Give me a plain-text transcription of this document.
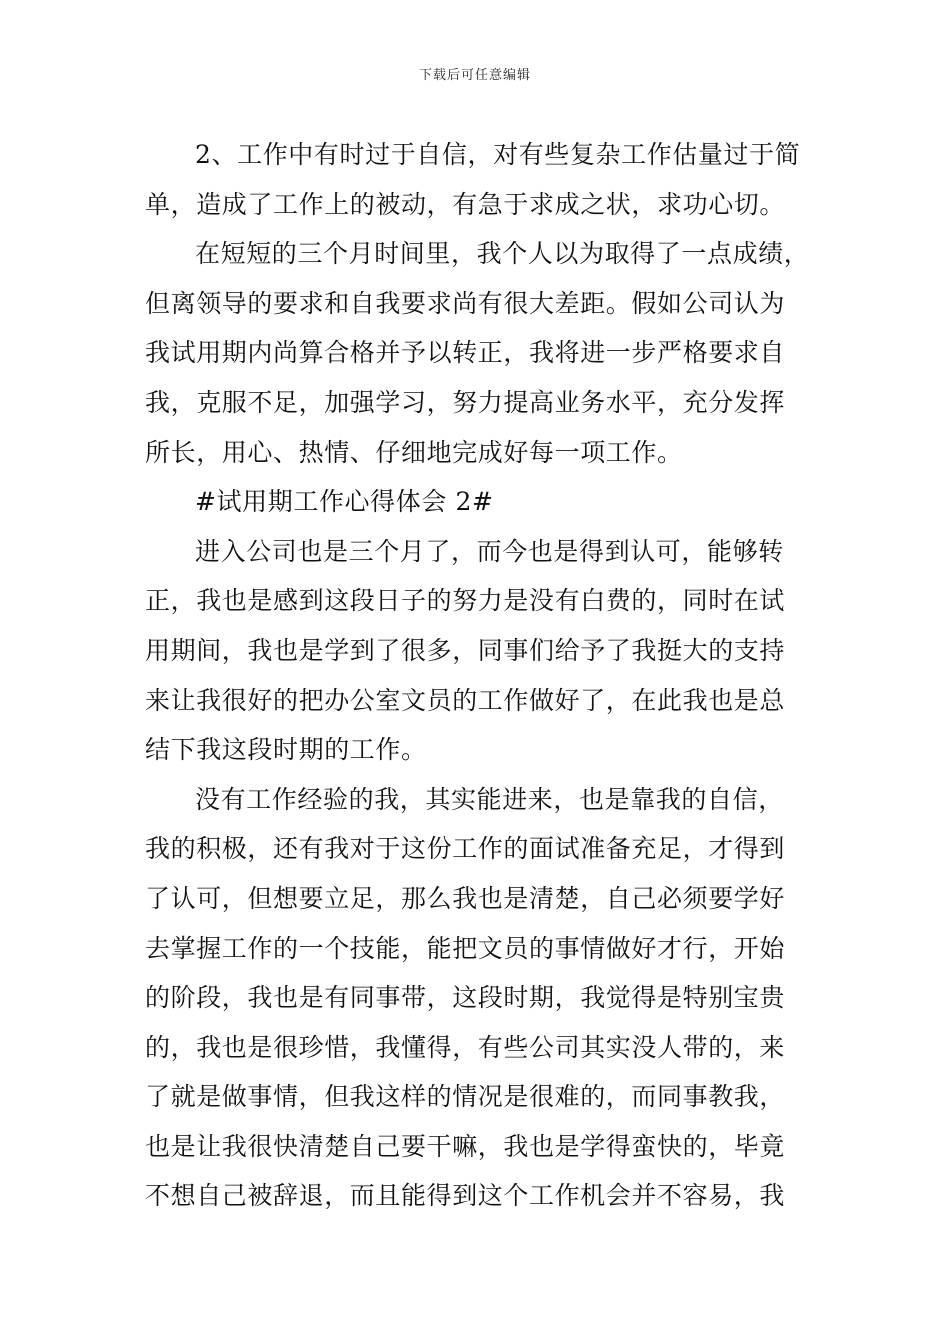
下载后可任意编辑
2、工作中有时过于自信，对有些复杂工作估量过于简
单，造成了工作上的被动，有急于求成之状，求功心切。
在短短的三个月时间里，我个人以为取得了一点成绩，
但离领导的要求和自我要求尚有很大差距。假如公司认为
我试用期内尚算合格并予以转正，我将进一步严格要求自
我，克服不足，加强学习，努力提高业务水平，充分发挥
所长，用心、热情、仔细地完成好每一项工作。
#试用期工作心得体会 2#
进入公司也是三个月了，而今也是得到认可，能够转
正，我也是感到这段日子的努力是没有白费的，同时在试
用期间，我也是学到了很多，同事们给予了我挺大的支持
来让我很好的把办公室文员的工作做好了，在此我也是总
结下我这段时期的工作。
没有工作经验的我，其实能进来，也是靠我的自信，
我的积极，还有我对于这份工作的面试准备充足，才得到
了认可，但想要立足，那么我也是清楚，自己必须要学好
去掌握工作的一个技能，能把文员的事情做好才行，开始
的阶段，我也是有同事带，这段时期，我觉得是特别宝贵
的，我也是很珍惜，我懂得，有些公司其实没人带的，来
了就是做事情，但我这样的情况是很难的，而同事教我，
也是让我很快清楚自己要干嘛，我也是学得蛮快的，毕竟
不想自己被辞退，而且能得到这个工作机会并不容易，我
